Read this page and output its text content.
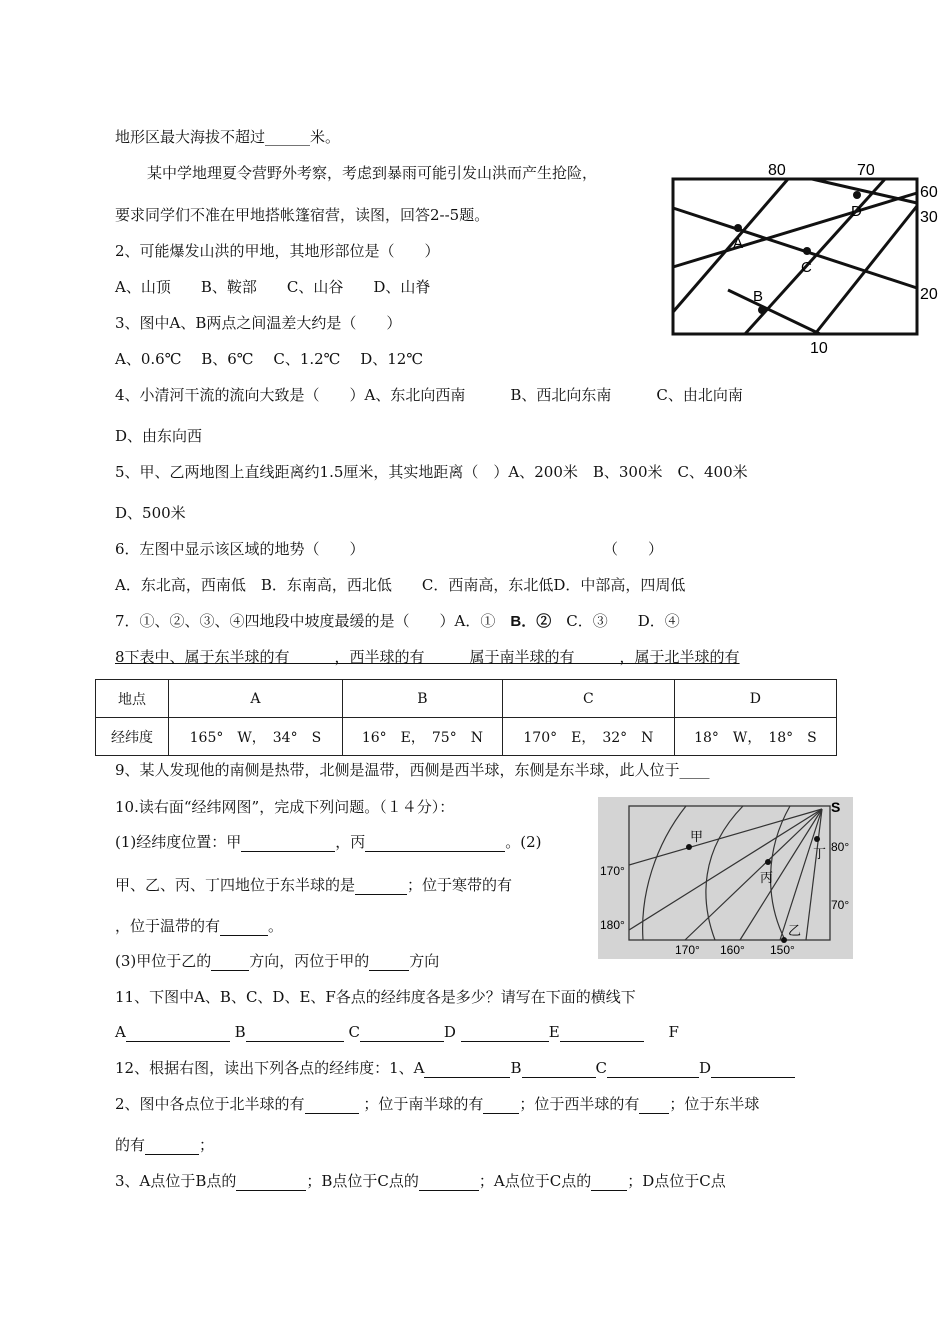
地形区最大海拔不超过______米。
某中学地理夏令营野外考察，考虑到暴雨可能引发山洪而产生抢险，
要求同学们不准在甲地搭帐篷宿营，读图，回答2--5题。
2、可能爆发山洪的甲地，其地形部位是（　　）
A、山顶　　B、鞍部　　C、山谷　　D、山脊
3、图中A、B两点之间温差大约是（　　）
A、0.6℃　 B、6℃　 C、1.2℃　 D、12℃
4、小清河干流的流向大致是（　　）A、东北向西南　　　B、西北向东南　　　C、由北向南
D、由东向西
5、甲、乙两地图上直线距离约1.5厘米，其实地距离（　）A、200米　B、300米　C、400米
D、500米
6．左图中显示该区域的地势（　　）	（　　）
A．东北高，西南低　B．东南高，西北低　　C．西南高，东北低D．中部高，四周低
7．①、②、③、④四地段中坡度最缓的是（　　）A．①　B．②　C．③　　D．④
8下表中、属于东半球的有　　　，西半球的有　　　属于南半球的有　　　，属于北半球的有
地点	A	B	C	D
经纬度	165°　W，　34°　S	16°　E，　75°　N	170°　E，　32°　N	18°　W，　18°　S
9、某人发现他的南侧是热带，北侧是温带，西侧是西半球，东侧是东半球，此人位于____
10.读右面“经纬网图”，完成下列问题。（１４分）：
(1)经纬度位置：甲	，丙	。(2)
甲、乙、丙、丁四地位于东半球的是	；位于寒带的有
，位于温带的有	。
(3)甲位于乙的	方向，丙位于甲的	方向
11、下图中A、B、C、D、E、F各点的经纬度各是多少？请写在下面的横线下
A	B	C	D	E	F
12、根据右图，读出下列各点的经纬度：1、A	B	C	D
2、图中各点位于北半球的有	；位于南半球的有 ；位于西半球的有 ；位于东半球
的有	；
3、A点位于B点的	；B点位于C点的	；A点位于C点的 ；D点位于C点
80	70
60
30
20
10
A
C
B
D
S
甲
丁
丙
乙
170°
180°
80°
70°
170° 160° 150°
